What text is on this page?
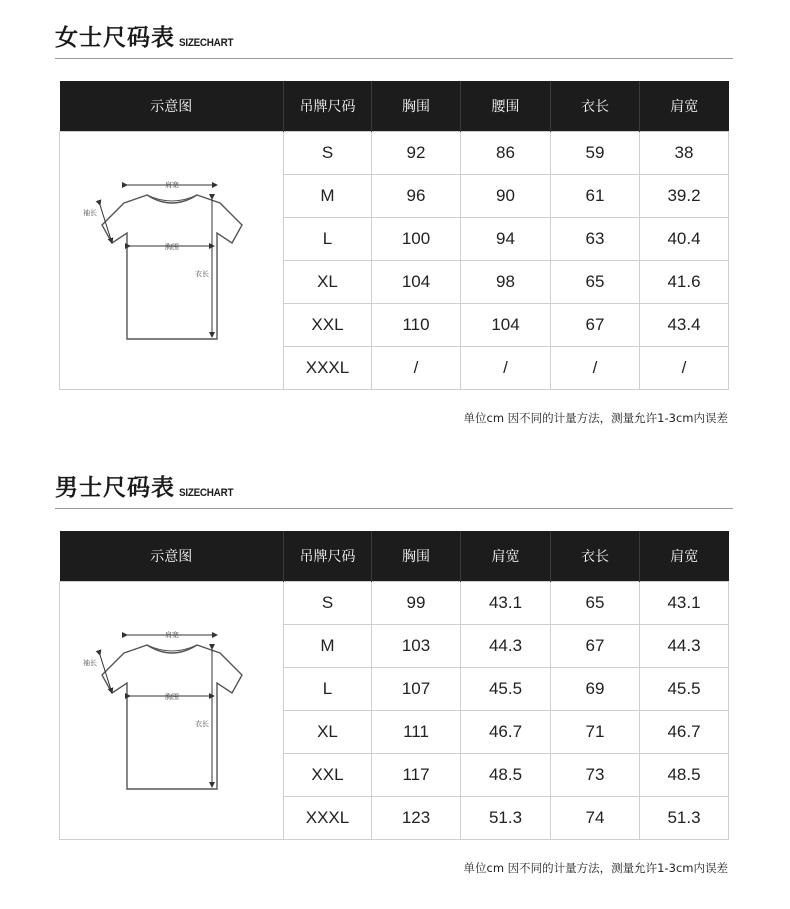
女士尺码表 SIZECHART
示意图	吊牌尺码	胸围	腰围	衣长	肩宽

肩宽
袖长
胸围
衣长	S	92	86	59	38
	M	96	90	61	39.2
	L	100	94	63	40.4
	XL	104	98	65	41.6
	XXL	110	104	67	43.4
	XXXL	/	/	/	/
单位cm 因不同的计量方法，测量允许1-3cm内误差
男士尺码表 SIZECHART
示意图	吊牌尺码	胸围	肩宽	衣长	肩宽

肩宽
袖长
胸围
衣长	S	99	43.1	65	43.1
	M	103	44.3	67	44.3
	L	107	45.5	69	45.5
	XL	111	46.7	71	46.7
	XXL	117	48.5	73	48.5
	XXXL	123	51.3	74	51.3
单位cm 因不同的计量方法，测量允许1-3cm内误差
